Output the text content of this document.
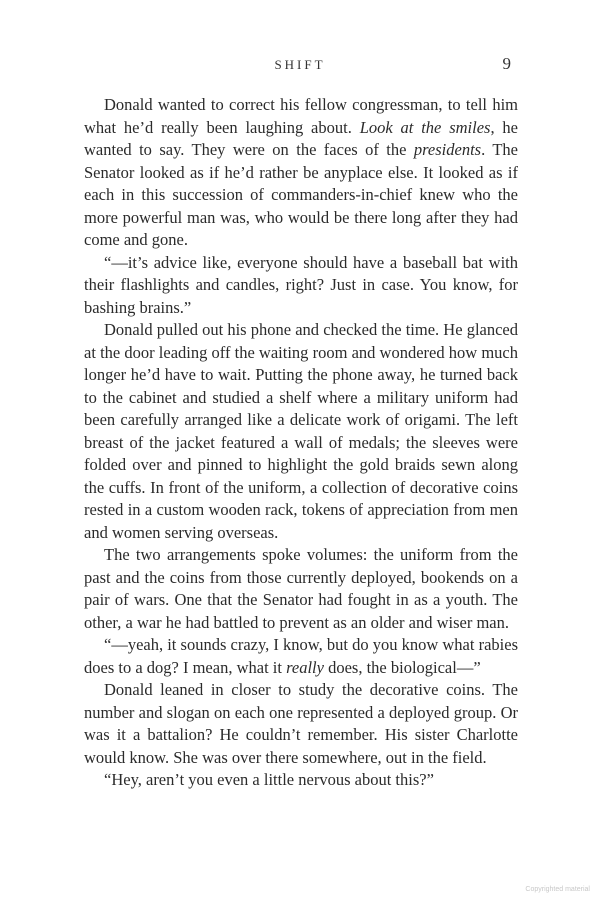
SHIFT	9

Donald wanted to correct his fellow congressman, to tell him what he’d really been laughing about. Look at the smiles, he wanted to say. They were on the faces of the presidents. The Senator looked as if he’d rather be anyplace else. It looked as if each in this succession of commanders-in-chief knew who the more powerful man was, who would be there long after they had come and gone.

“—it’s advice like, everyone should have a baseball bat with their flashlights and candles, right? Just in case. You know, for bashing brains.”

Donald pulled out his phone and checked the time. He glanced at the door leading off the waiting room and wondered how much longer he’d have to wait. Putting the phone away, he turned back to the cabinet and studied a shelf where a military uniform had been carefully arranged like a delicate work of origami. The left breast of the jacket featured a wall of medals; the sleeves were folded over and pinned to highlight the gold braids sewn along the cuffs. In front of the uniform, a collection of decorative coins rested in a custom wooden rack, tokens of appreciation from men and women serving overseas.

The two arrangements spoke volumes: the uniform from the past and the coins from those currently deployed, bookends on a pair of wars. One that the Senator had fought in as a youth. The other, a war he had battled to prevent as an older and wiser man.

“—yeah, it sounds crazy, I know, but do you know what rabies does to a dog? I mean, what it really does, the biological—”

Donald leaned in closer to study the decorative coins. The number and slogan on each one represented a deployed group. Or was it a battalion? He couldn’t remember. His sister Charlotte would know. She was over there somewhere, out in the field.

“Hey, aren’t you even a little nervous about this?”

Copyrighted material
